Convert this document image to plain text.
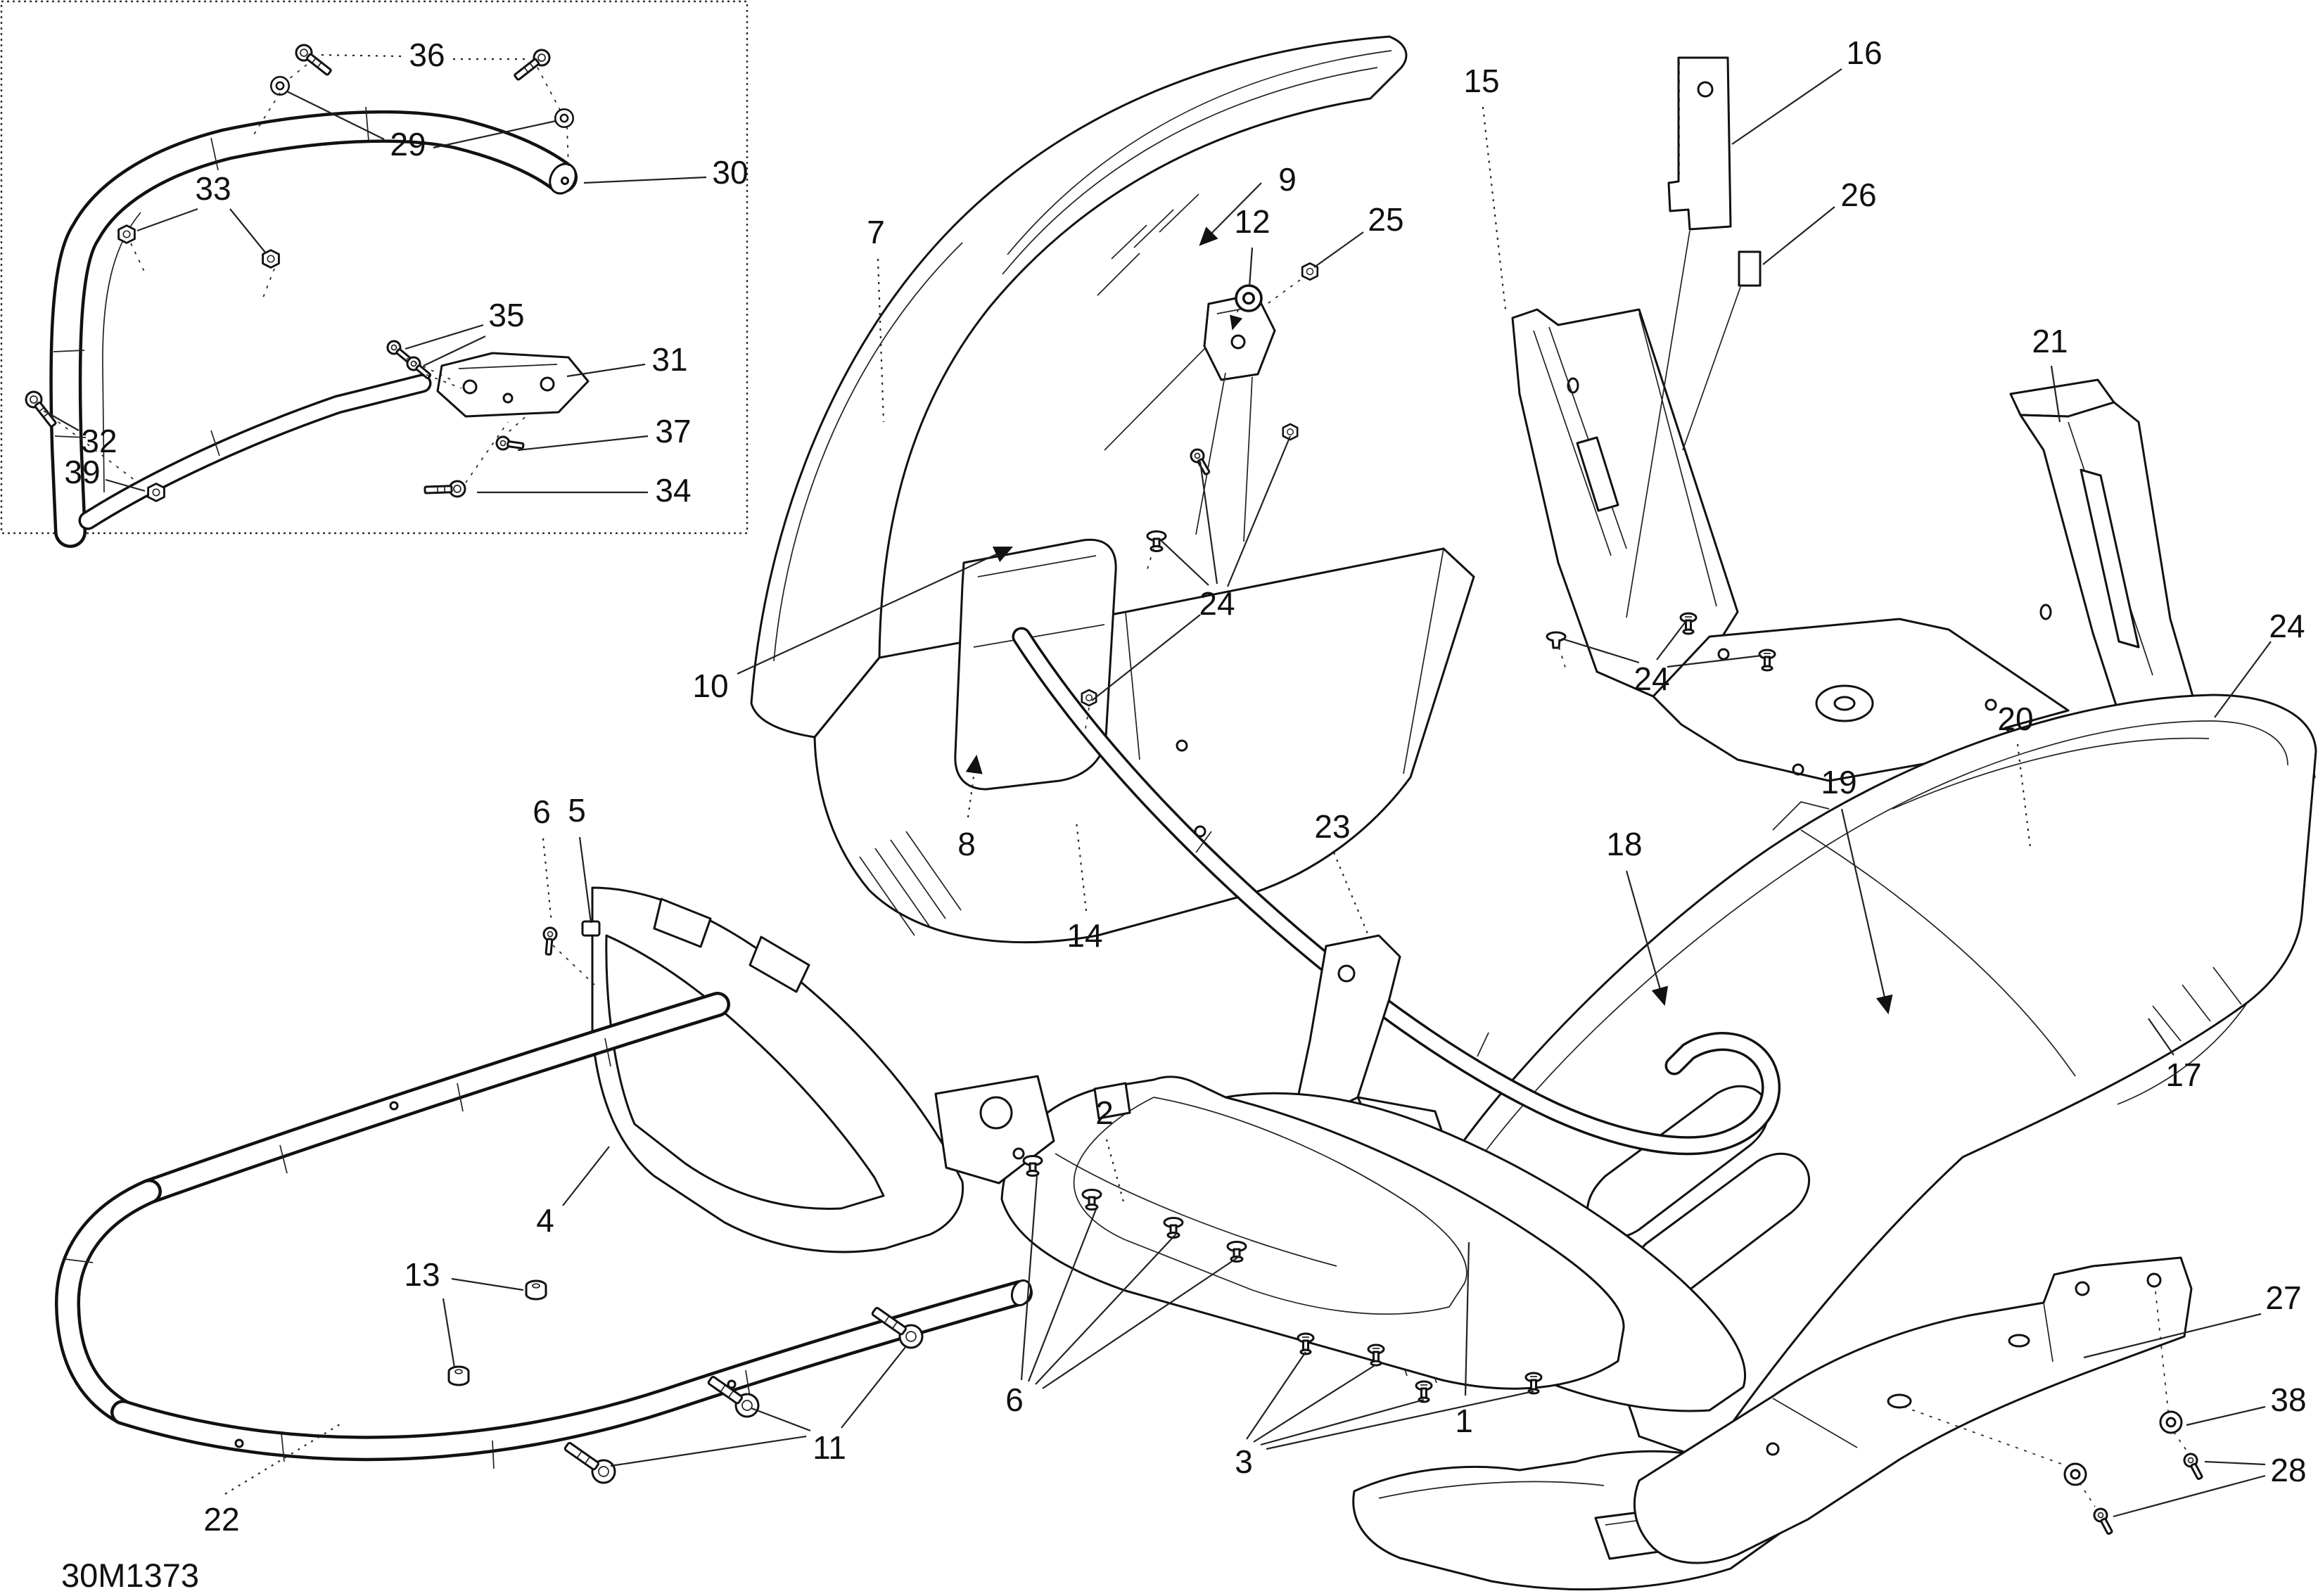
36
29
33	30
35
31
37
34
32
39
7
9
12	25
15
16
26
21
24
24
24
10
8
14
23	18
19
20
17
6 5
4
13
22
2
6
3
1
11
27
38
28
30M1373
